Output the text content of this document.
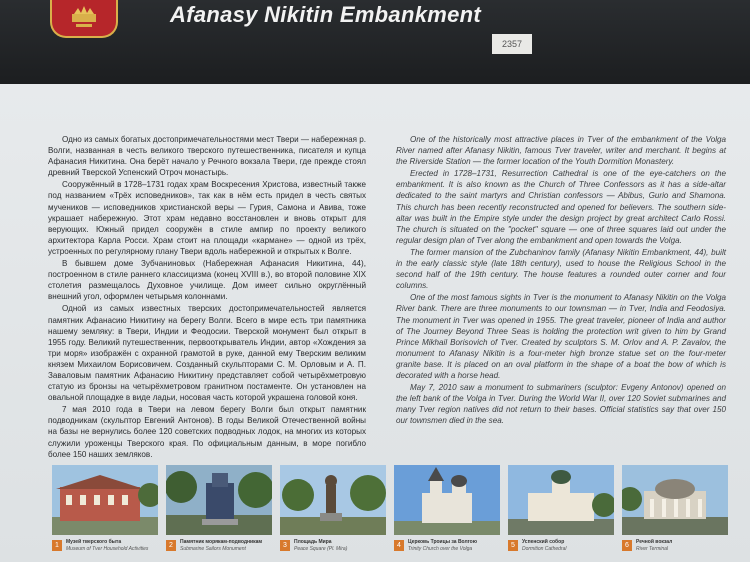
Afanasy Nikitin Embankment
2357

Одно из самых богатых достопримечательностями мест Твери — набережная р. Волги, названная в честь великого тверского путешественника, писателя и купца Афанасия Никитина. Она берёт начало у Речного вокзала Твери, где прежде стоял древний Тверской Успенский Отроч монастырь.

Сооружённый в 1728–1731 годах храм Воскресения Христова, известный также под названием «Трёх исповедников», так как в нём есть придел в честь святых мучеников — исповедников христианской веры — Гурия, Самона и Авива, тоже украшает набережную. Этот храм недавно восстановлен и вновь открыт для верующих. Южный придел сооружён в стиле ампир по проекту великого архитектора Карла Росси. Храм стоит на площади «кармане» — одной из трёх, устроенных по регулярному плану Твери вдоль набережной и открытых к Волге.

В бывшем доме Зубчаниновых (Набережная Афанасия Никитина, 44), построенном в стиле раннего классицизма (конец XVIII в.), во второй половине XIX столетия размещалось Духовное училище. Дом имеет сильно округлённый внешний угол, оформлен четырьмя колоннами.

Одной из самых известных тверских достопримечательностей является памятник Афанасию Никитину на берегу Волги. Всего в мире есть три памятника нашему земляку: в Твери, Индии и Феодосии. Тверской монумент был открыт в 1955 году. Великий путешественник, первооткрыватель Индии, автор «Хождения за три моря» изображён с охранной грамотой в руке, данной ему Тверским великим князем Михаилом Борисовичем. Созданный скульпторами С. М. Орловым и А. П. Заваловым памятник Афанасию Никитину представляет собой четырёхметровую статую из бронзы на четырёхметровом гранитном постаменте. Он установлен на овальной площадке в виде ладьи, носовая часть которой украшена головой коня.

7 мая 2010 года в Твери на левом берегу Волги был открыт памятник подводникам (скульптор Евгений Антонов). В годы Великой Отечественной войны на базы не вернулись более 120 советских подводных лодок, на многих из которых служили уроженцы Тверского края. По официальным данным, в море погибло более 150 наших земляков.

One of the historically most attractive places in Tver of the embankment of the Volga River named after Afanasy Nikitin, famous Tver traveler, writer and merchant. It begins at the Riverside Station — the former location of the Youth Dormition Monastery.

Erected in 1728–1731, Resurrection Cathedral is one of the eye-catchers on the embankment. It is also known as the Church of Three Confessors as it has a side-altar dedicated to the saint martyrs and Christian confessors — Abibus, Gurio and Shamona. This church has been recently reconstructed and opened for believers. The southern side-altar was built in the Empire style under the design project by great architect Carlo Rossi. The church is situated on the "pocket" square — one of three squares laid out under the regular design plan of Tver along the embankment and open towards the Volga.

The former mansion of the Zubchaninov family (Afanasy Nikitin Embankment, 44), built in the early classic style (late 18th century), used to house the Religious School in the second half of the 19th century. The house features a rounded outer corner and four columns.

One of the most famous sights in Tver is the monument to Afanasy Nikitin on the Volga River bank. There are three monuments to our townsman — in Tver, India and Feodosiya. The monument in Tver was opened in 1955. The great traveler, pioneer of India and author of The Journey Beyond Three Seas is holding the protection writ given to him by Grand Prince Mikhail Borisovich of Tver. Created by sculptors S. M. Orlov and A. P. Zavalov, the monument to Afanasy Nikitin is a four-meter high bronze statue set on the four-meter granite base. It is placed on an oval platform in the shape of a boat the bow of which is decorated with a horse head.

May 7, 2010 saw a monument to submariners (sculptor: Evgeny Antonov) opened on the left bank of the Volga in Tver. During the World War II, over 120 Soviet submarines and many Tver region natives did not return to their bases. Official statistics say that over 150 our townsmen died in the sea.

1	Музей тверского быта
Museum of Tver Household Activities	2	Памятник морякам-подводникам
Submarine Sailors Monument	3	Площадь Мира
Peace Square (Pl. Mira)	4	Церковь Троицы за Волгою
Trinity Church over the Volga	5	Успенский собор
Dormition Cathedral	6	Речной вокзал
River Terminal
